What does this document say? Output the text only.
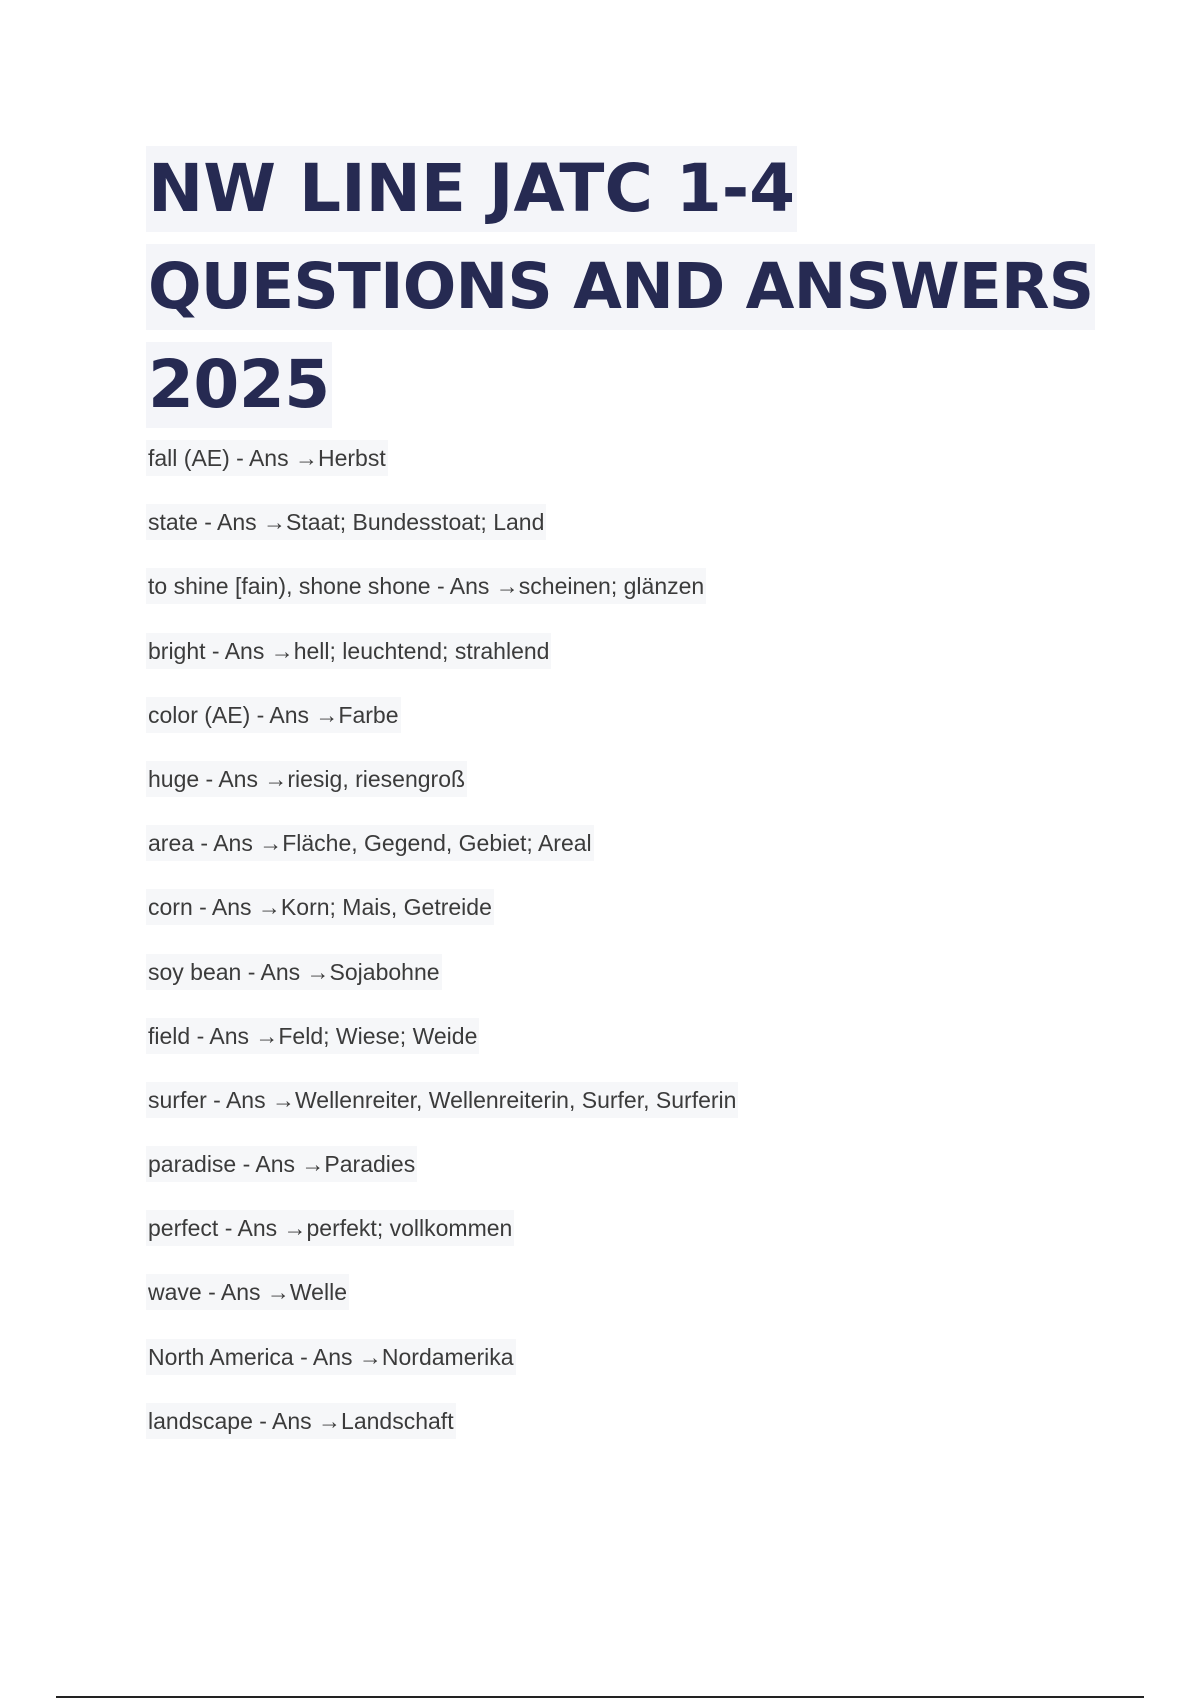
NW LINE JATC 1-4
QUESTIONS AND ANSWERS
2025
fall (AE) - Ans →Herbst
state - Ans →Staat; Bundesstoat; Land
to shine [fain), shone shone - Ans →scheinen; glänzen
bright - Ans →hell; leuchtend; strahlend
color (AE) - Ans →Farbe
huge - Ans →riesig, riesengroß
area - Ans →Fläche, Gegend, Gebiet; Areal
corn - Ans →Korn; Mais, Getreide
soy bean - Ans →Sojabohne
field - Ans →Feld; Wiese; Weide
surfer - Ans →Wellenreiter, Wellenreiterin, Surfer, Surferin
paradise - Ans →Paradies
perfect - Ans →perfekt; vollkommen
wave - Ans →Welle
North America - Ans →Nordamerika
landscape - Ans →Landschaft
